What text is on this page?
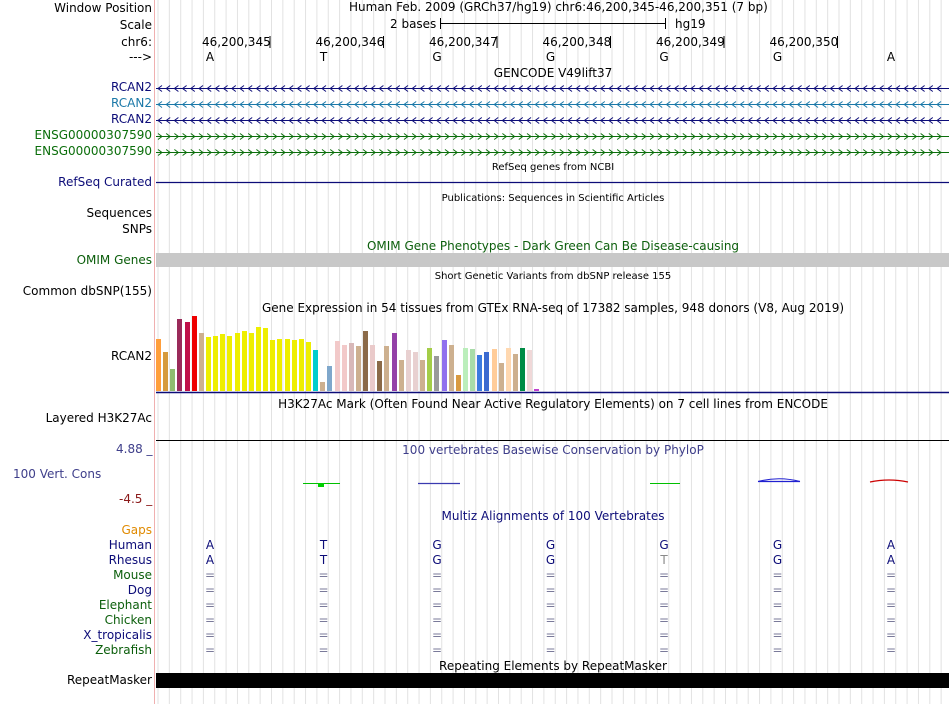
Window Position	Human Feb. 2009 (GRCh37/hg19) chr6:46,200,345-46,200,351 (7 bp)
Scale	2 bases	hg19
chr6:
--->
46,200,345	46,200,346	46,200,347	46,200,348	46,200,349	46,200,350
A	T	G	G	G	G	A
GENCODE V49lift37
RCAN2
RCAN2
RCAN2
ENSG00000307590
ENSG00000307590
RefSeq genes from NCBI
RefSeq Curated
Publications: Sequences in Scientific Articles
Sequences
SNPs
OMIM Gene Phenotypes - Dark Green Can Be Disease-causing
OMIM Genes
Short Genetic Variants from dbSNP release 155
Common dbSNP(155)
Gene Expression in 54 tissues from GTEx RNA-seq of 17382 samples, 948 donors (V8, Aug 2019)
RCAN2
H3K27Ac Mark (Often Found Near Active Regulatory Elements) on 7 cell lines from ENCODE
Layered H3K27Ac
100 vertebrates Basewise Conservation by PhyloP
4.88 _
100 Vert. Cons
-4.5 _
Gaps
Multiz Alignments of 100 Vertebrates
Human	A	T	G	G	G	G	A
Rhesus	A	T	G	G	T	G	A
Mouse	=	=	=	=	=	=	=
Dog	=	=	=	=	=	=	=
Elephant	=	=	=	=	=	=	=
Chicken	=	=	=	=	=	=	=
X_tropicalis	=	=	=	=	=	=	=
Zebrafish	=	=	=	=	=	=	=
Repeating Elements by RepeatMasker
RepeatMasker
